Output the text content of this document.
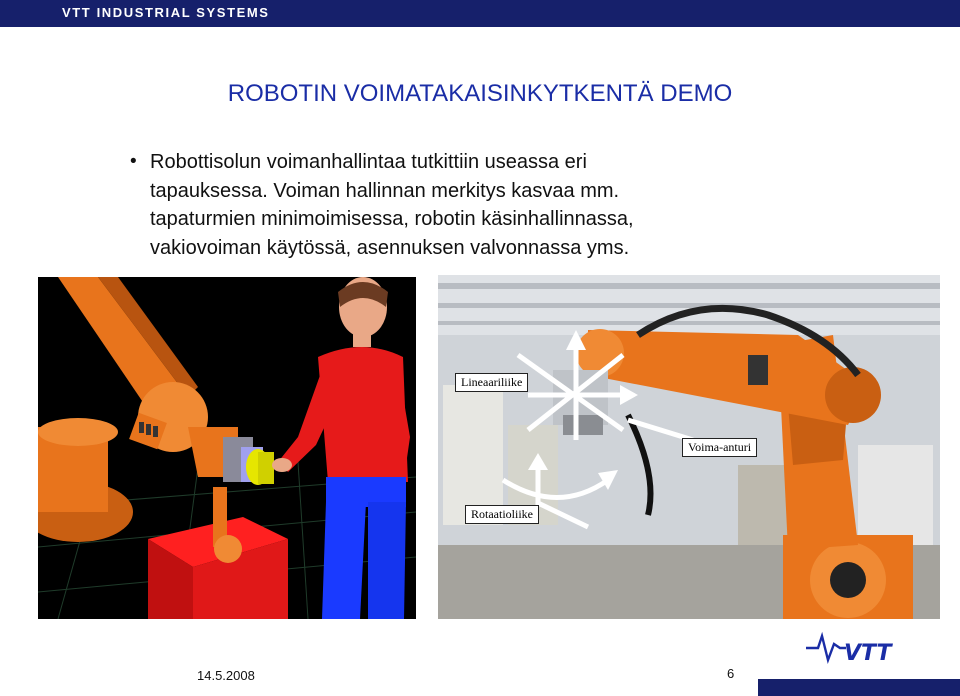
VTT INDUSTRIAL SYSTEMS
ROBOTIN VOIMATAKAISINKYTKENTÄ DEMO
• Robottisolun voimanhallintaa tutkittiin useassa eri
tapauksessa. Voiman hallinnan merkitys kasvaa mm.
tapaturmien minimoimisessa, robotin käsinhallinnassa,
vakiovoiman käytössä, asennuksen valvonnassa yms.
Lineaariliike
Voima-anturi
Rotaatioliike
VTT
14.5.2008	6
